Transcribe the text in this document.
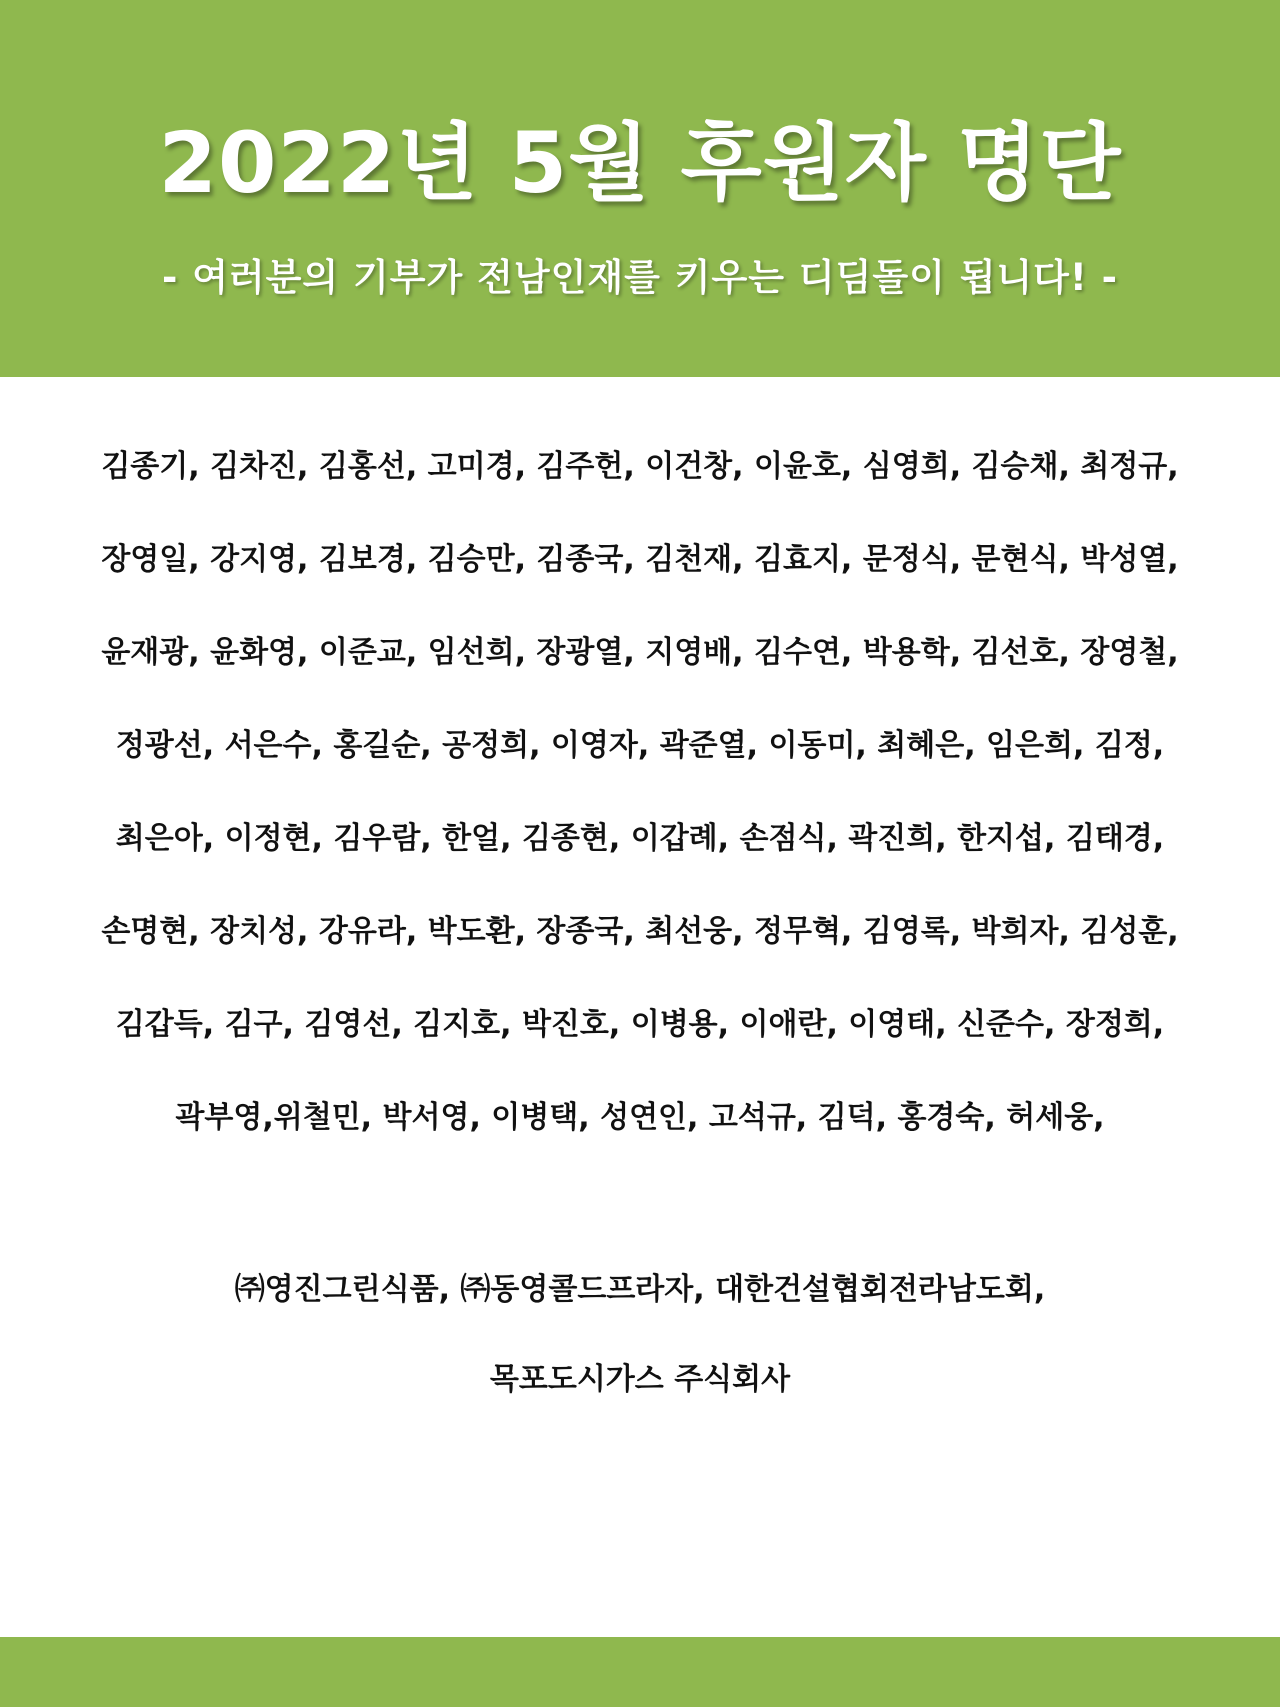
2022년 5월 후원자 명단
- 여러분의 기부가 전남인재를 키우는 디딤돌이 됩니다! -
김종기, 김차진, 김홍선, 고미경, 김주헌, 이건창, 이윤호, 심영희, 김승채, 최정규,
장영일, 강지영, 김보경, 김승만, 김종국, 김천재, 김효지, 문정식, 문현식, 박성열,
윤재광, 윤화영, 이준교, 임선희, 장광열, 지영배, 김수연, 박용학, 김선호, 장영철,
정광선, 서은수, 홍길순, 공정희, 이영자, 곽준열, 이동미, 최혜은, 임은희, 김정,
최은아, 이정현, 김우람, 한얼, 김종현, 이갑례, 손점식, 곽진희, 한지섭, 김태경,
손명현, 장치성, 강유라, 박도환, 장종국, 최선웅, 정무혁, 김영록, 박희자, 김성훈,
김갑득, 김구, 김영선, 김지호, 박진호, 이병용, 이애란, 이영태, 신준수, 장정희,
곽부영,위철민, 박서영, 이병택, 성연인, 고석규, 김덕, 홍경숙, 허세웅,
㈜영진그린식품, ㈜동영콜드프라자, 대한건설협회전라남도회,
목포도시가스 주식회사
